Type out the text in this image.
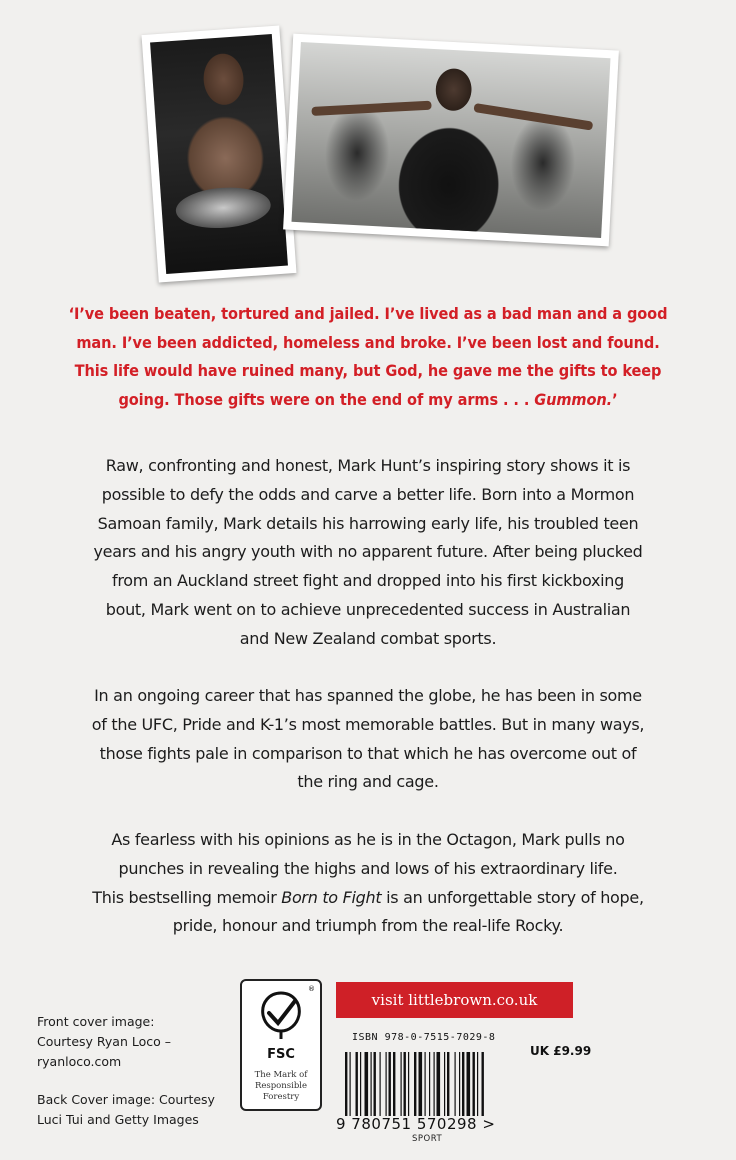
‘I’ve been beaten, tortured and jailed. I’ve lived as a bad man and a good
man. I’ve been addicted, homeless and broke. I’ve been lost and found.
This life would have ruined many, but God, he gave me the gifts to keep
going. Those gifts were on the end of my arms . . . Gummon.’
Raw, confronting and honest, Mark Hunt’s inspiring story shows it is
possible to defy the odds and carve a better life. Born into a Mormon
Samoan family, Mark details his harrowing early life, his troubled teen
years and his angry youth with no apparent future. After being plucked
from an Auckland street fight and dropped into his first kickboxing
bout, Mark went on to achieve unprecedented success in Australian
and New Zealand combat sports.
In an ongoing career that has spanned the globe, he has been in some
of the UFC, Pride and K-1’s most memorable battles. But in many ways,
those fights pale in comparison to that which he has overcome out of
the ring and cage.
As fearless with his opinions as he is in the Octagon, Mark pulls no
punches in revealing the highs and lows of his extraordinary life.
This bestselling memoir Born to Fight is an unforgettable story of hope,
pride, honour and triumph from the real-life Rocky.
Front cover image:
Courtesy Ryan Loco –
ryanloco.com
Back Cover image: Courtesy
Luci Tui and Getty Images
®
FSC
The Mark of
Responsible
Forestry
visit littlebrown.co.uk
ISBN 978-0-7515-7029-8
UK £9.99
9 780751 570298 >
SPORT
